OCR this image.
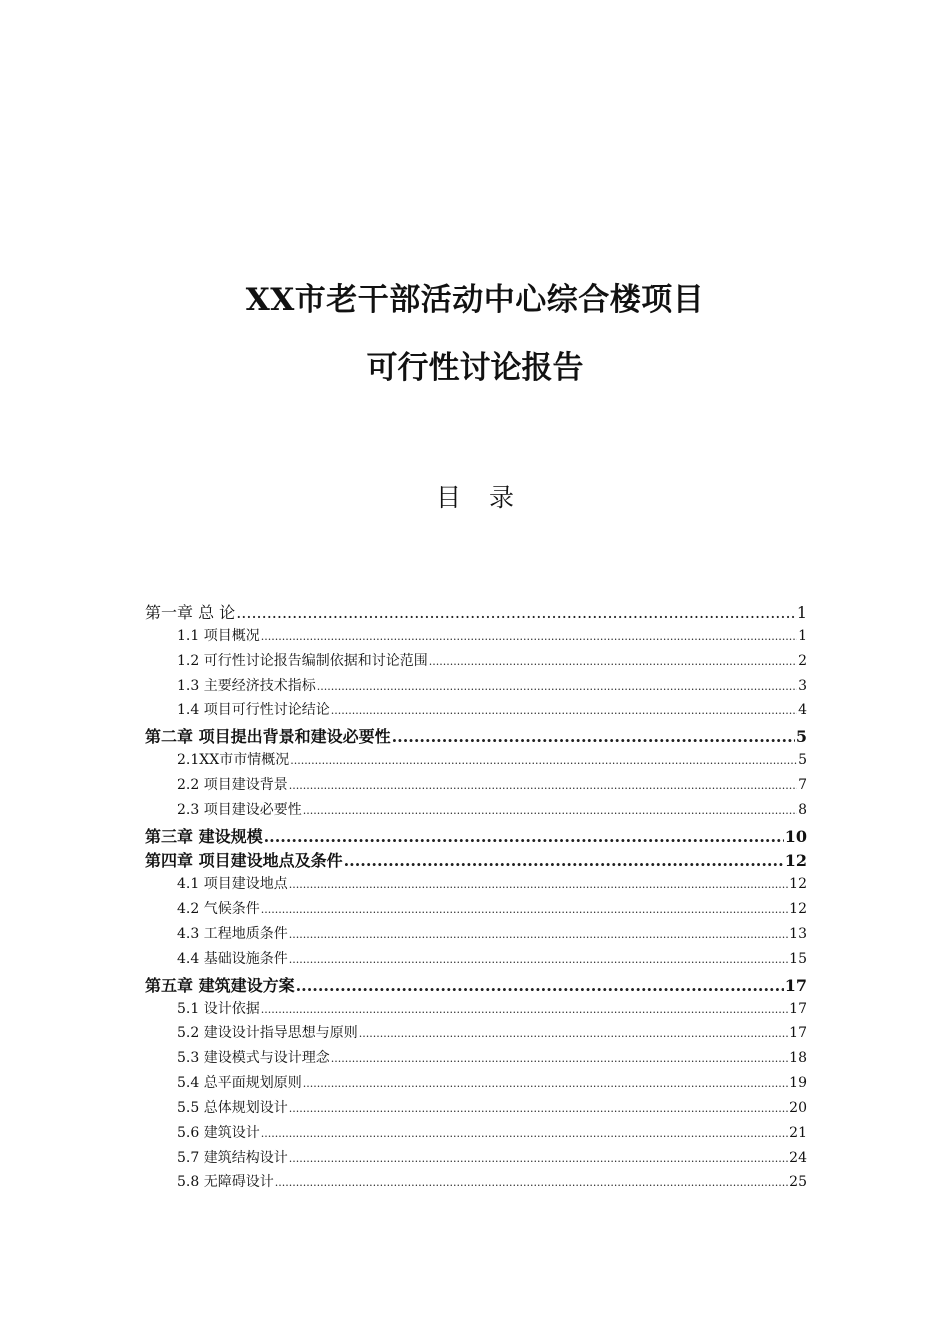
XX市老干部活动中心综合楼项目
可行性讨论报告
目 录
第一章 总 论 .....	1
1.1 项目概况 .....	1
1.2 可行性讨论报告编制依据和讨论范围 .....	2
1.3 主要经济技术指标 .....	3
1.4 项目可行性讨论结论 .....	4
第二章 项目提出背景和建设必要性 .....	5
2.1XX市市情概况 .....	5
2.2 项目建设背景 .....	7
2.3 项目建设必要性 .....	8
第三章 建设规模 .....	10
第四章 项目建设地点及条件 .....	12
4.1 项目建设地点 .....	12
4.2 气候条件 .....	12
4.3 工程地质条件 .....	13
4.4 基础设施条件 .....	15
第五章 建筑建设方案 .....	17
5.1 设计依据 .....	17
5.2 建设设计指导思想与原则 .....	17
5.3 建设模式与设计理念 .....	18
5.4 总平面规划原则 .....	19
5.5 总体规划设计 .....	20
5.6 建筑设计 .....	21
5.7 建筑结构设计 .....	24
5.8 无障碍设计 .....	25
